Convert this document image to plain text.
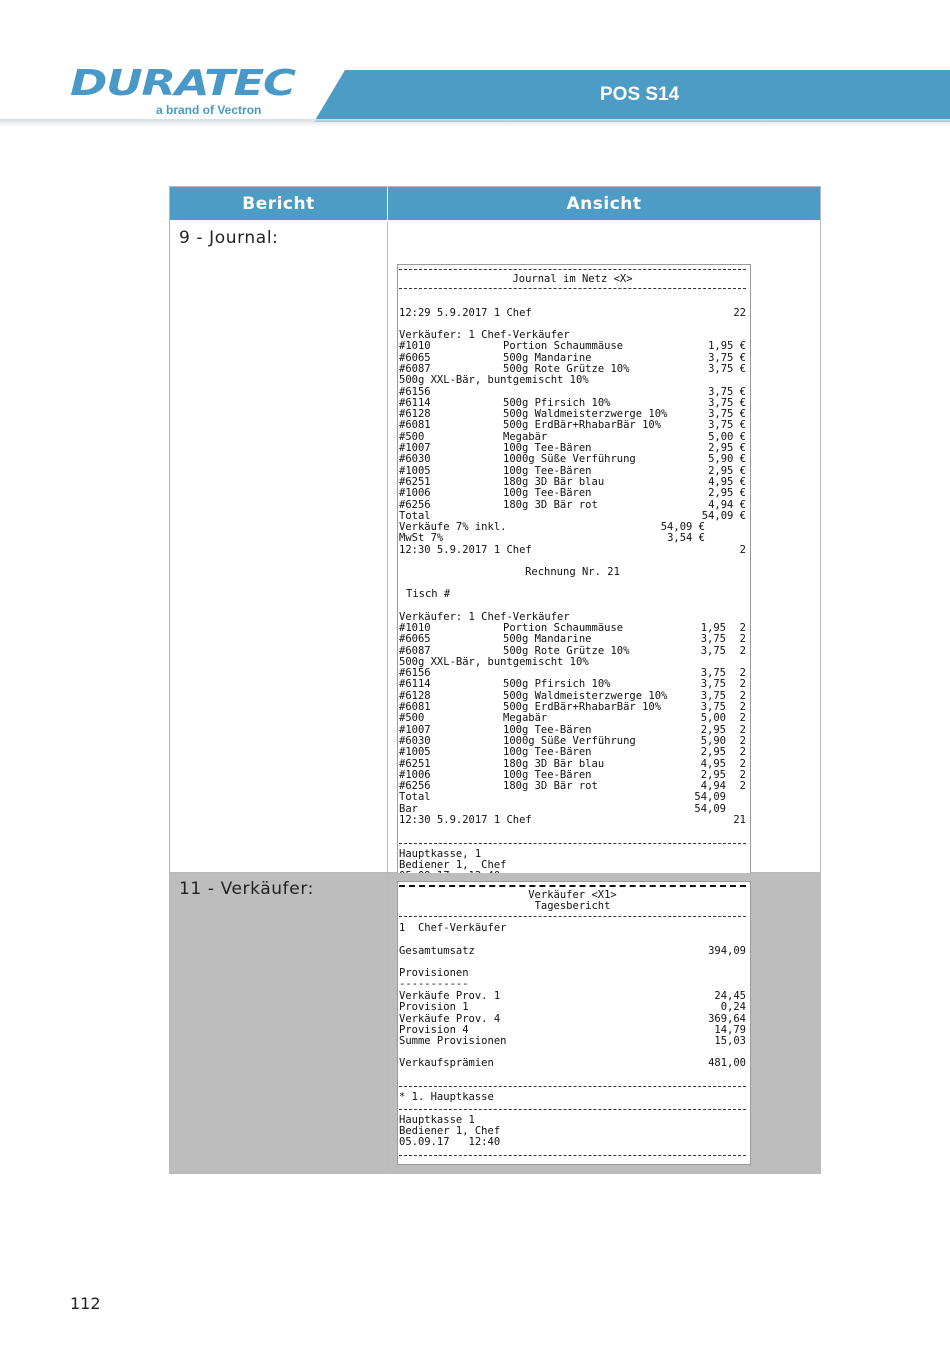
DURATEC
a brand of Vectron
POS S14
Bericht	Ansicht
9 - Journal:
Journal im Netz <X>
12:29 5.9.2017 1 Chef	22
Verkäufer: 1 Chef-Verkäufer
#1010	Portion Schaummäuse	1,95 €
#6065	500g Mandarine	3,75 €
#6087	500g Rote Grütze 10%	3,75 €
500g XXL-Bär, buntgemischt 10%
#6156	3,75 €
#6114	500g Pfirsich 10%	3,75 €
#6128	500g Waldmeisterzwerge 10%	3,75 €
#6081	500g ErdBär+RhabarBär 10%	3,75 €
#500	Megabär	5,00 €
#1007	100g Tee-Bären	2,95 €
#6030	1000g Süße Verführung	5,90 €
#1005	100g Tee-Bären	2,95 €
#6251	180g 3D Bär blau	4,95 €
#1006	100g Tee-Bären	2,95 €
#6256	180g 3D Bär rot	4,94 €
Total	54,09 €
Verkäufe 7% inkl.	54,09 €
MwSt 7%	3,54 €
12:30 5.9.2017 1 Chef	2
Rechnung Nr. 21
Tisch #
Verkäufer: 1 Chef-Verkäufer
#1010	Portion Schaummäuse	1,95 2
#6065	500g Mandarine	3,75 2
#6087	500g Rote Grütze 10%	3,75 2
500g XXL-Bär, buntgemischt 10%
#6156	3,75 2
#6114	500g Pfirsich 10%	3,75 2
#6128	500g Waldmeisterzwerge 10%	3,75 2
#6081	500g ErdBär+RhabarBär 10%	3,75 2
#500	Megabär	5,00 2
#1007	100g Tee-Bären	2,95 2
#6030	1000g Süße Verführung	5,90 2
#1005	100g Tee-Bären	2,95 2
#6251	180g 3D Bär blau	4,95 2
#1006	100g Tee-Bären	2,95 2
#6256	180g 3D Bär rot	4,94 2
Total	54,09
Bar	54,09
12:30 5.9.2017 1 Chef	21
Hauptkasse, 1
Bediener 1,  Chef
11 - Verkäufer:	Verkäufer <X1>
Tagesbericht
1  Chef-Verkäufer
Gesamtumsatz	394,09
Provisionen
-----------
Verkäufe Prov. 1	24,45
Provision 1	0,24
Verkäufe Prov. 4	369,64
Provision 4	14,79
Summe Provisionen	15,03
Verkaufsprämien	481,00
* 1. Hauptkasse
Hauptkasse 1
Bediener 1, Chef
05.09.17   12:40
112
